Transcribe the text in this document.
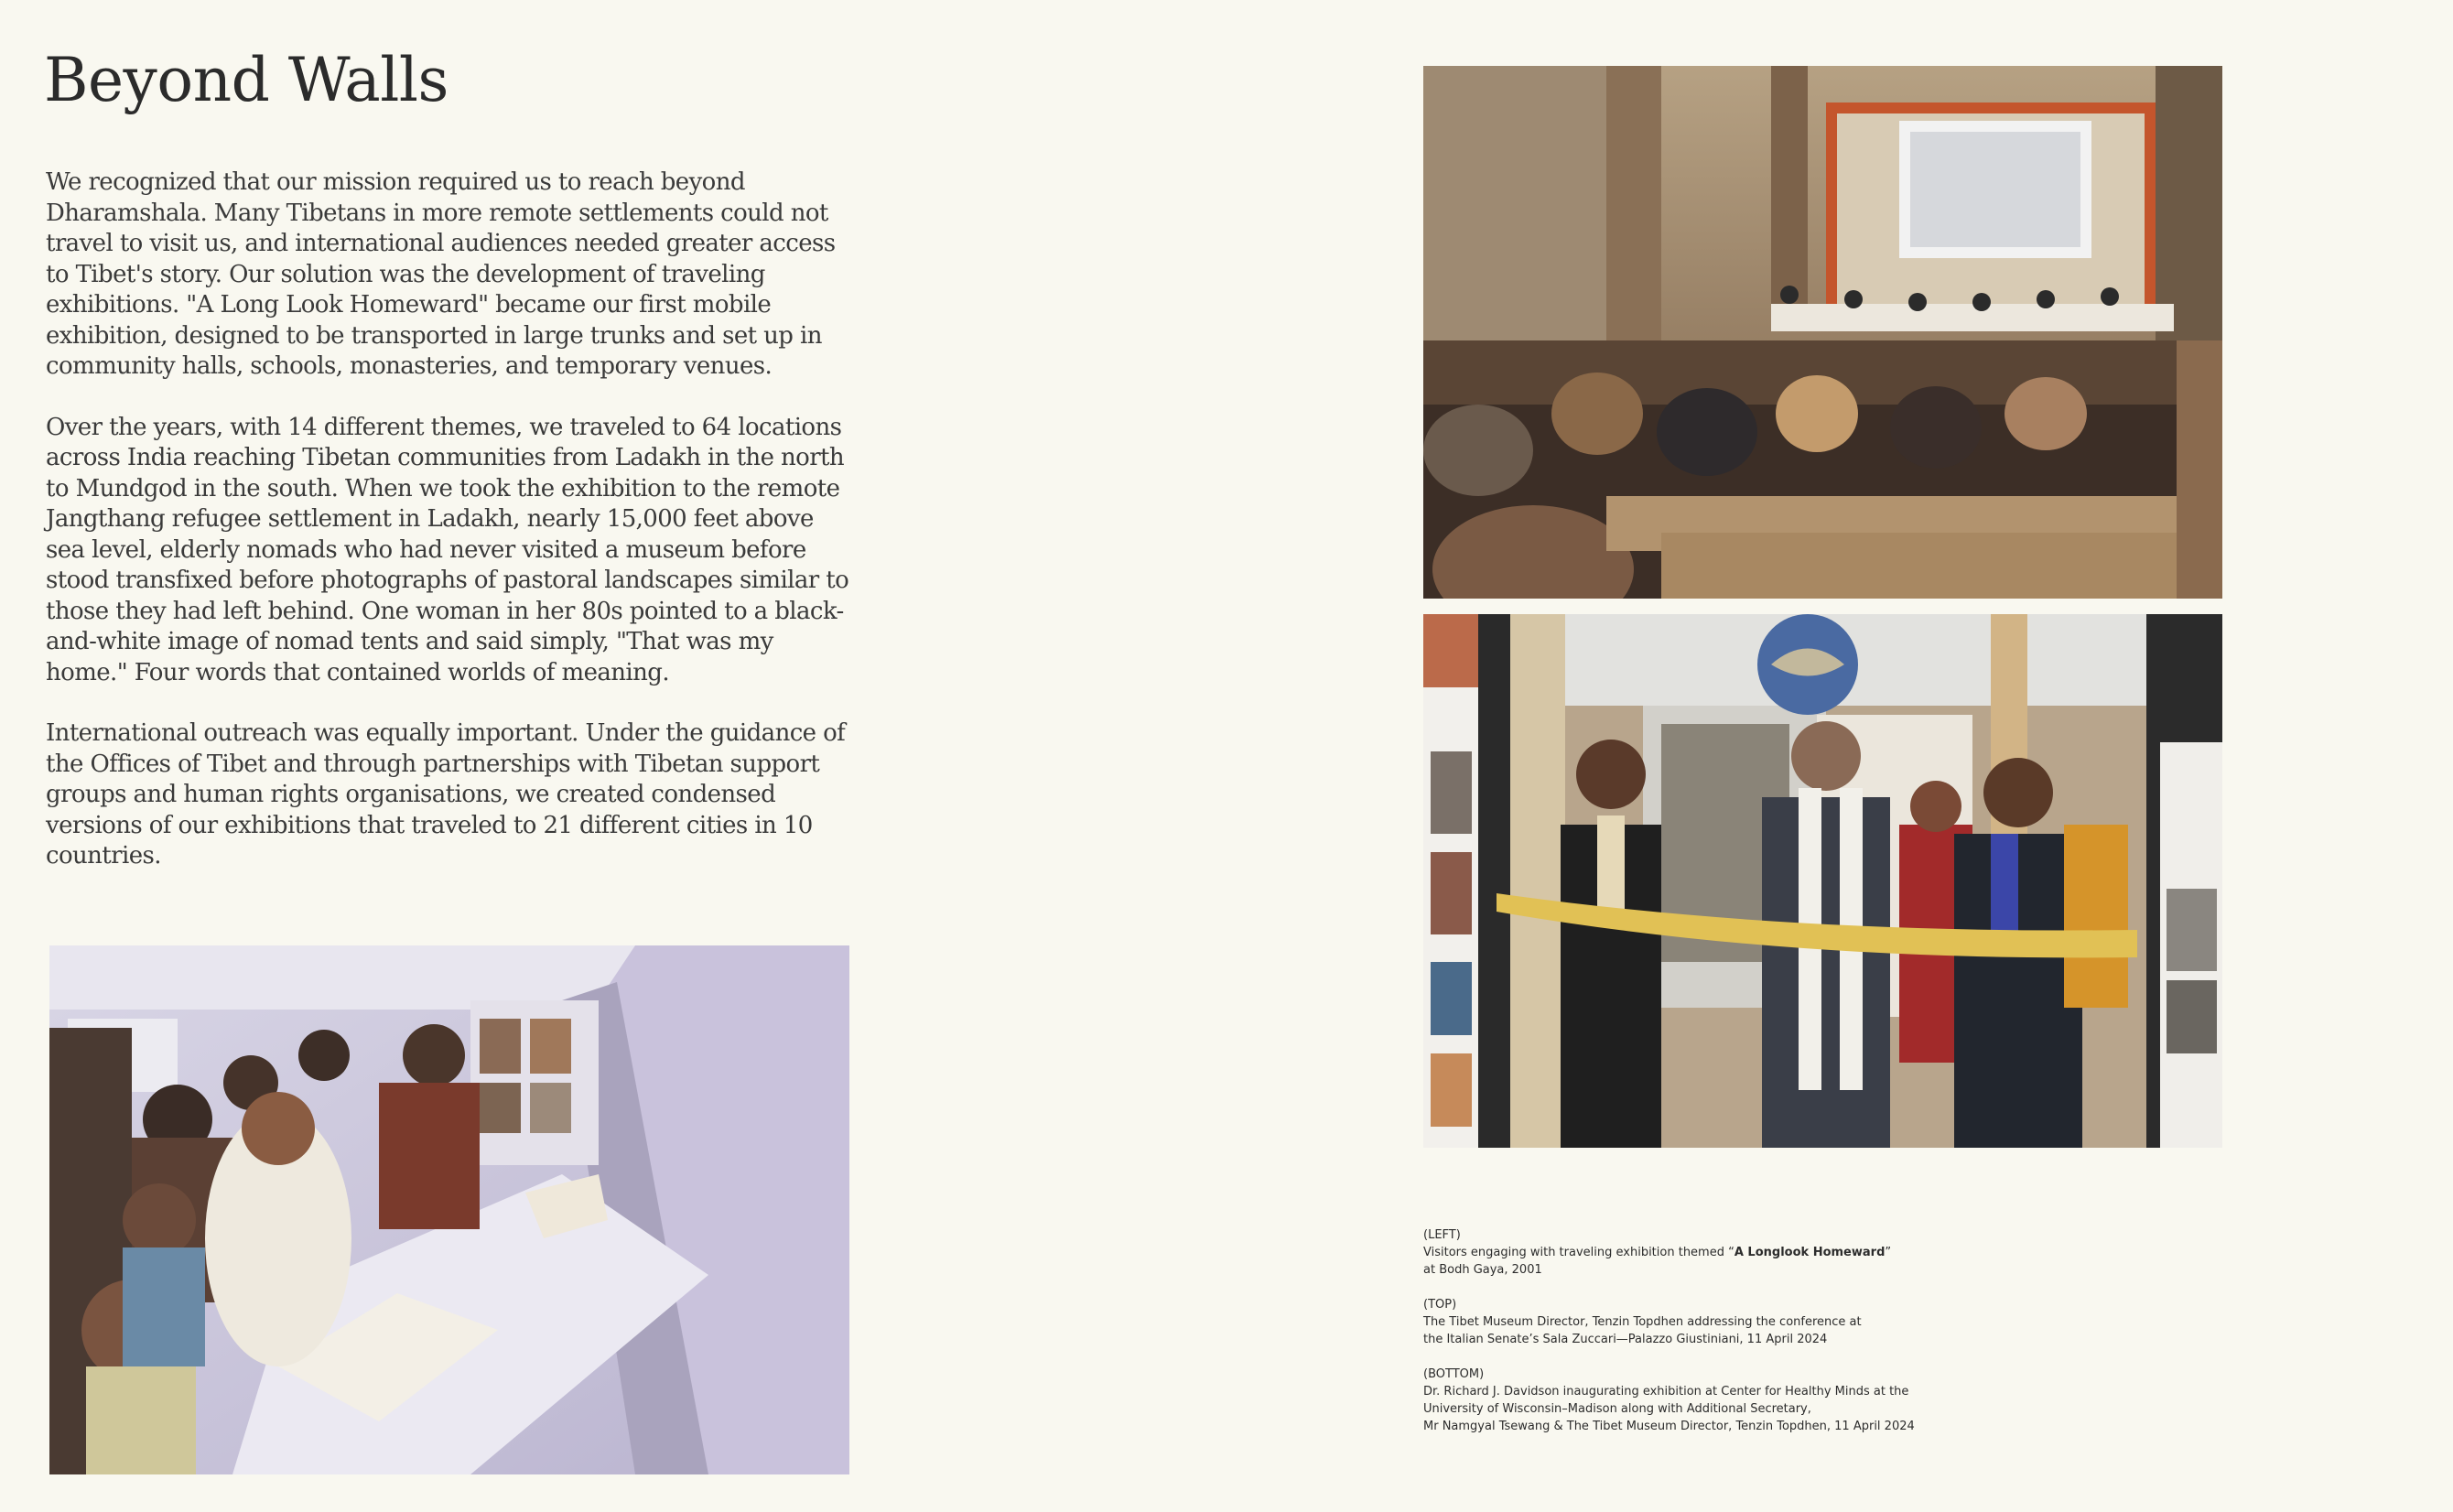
Beyond Walls

We recognized that our mission required us to reach beyond Dharamshala. Many Tibetans in more remote settlements could not travel to visit us, and international audiences needed greater access to Tibet's story. Our solution was the development of traveling exhibitions. "A Long Look Homeward" became our first mobile exhibition, designed to be transported in large trunks and set up in community halls, schools, monasteries, and temporary venues.

Over the years, with 14 different themes, we traveled to 64 locations across India reaching Tibetan communities from Ladakh in the north to Mundgod in the south. When we took the exhibition to the remote Jangthang refugee settlement in Ladakh, nearly 15,000 feet above sea level, elderly nomads who had never visited a museum before stood transfixed before photographs of pastoral landscapes similar to those they had left behind. One woman in her 80s pointed to a black-and-white image of nomad tents and said simply, "That was my home." Four words that contained worlds of meaning.

International outreach was equally important. Under the guidance of the Offices of Tibet and through partnerships with Tibetan support groups and human rights organisations, we created condensed versions of our exhibitions that traveled to 21 different cities in 10 countries.

(LEFT)
Visitors engaging with traveling exhibition themed “A Longlook Homeward”
at Bodh Gaya, 2001
(TOP)
The Tibet Museum Director, Tenzin Topdhen addressing the conference at
the Italian Senate’s Sala Zuccari—Palazzo Giustiniani, 11 April 2024
(BOTTOM)
Dr. Richard J. Davidson inaugurating exhibition at Center for Healthy Minds at the
University of Wisconsin–Madison along with Additional Secretary,
Mr Namgyal Tsewang & The Tibet Museum Director, Tenzin Topdhen, 11 April 2024
